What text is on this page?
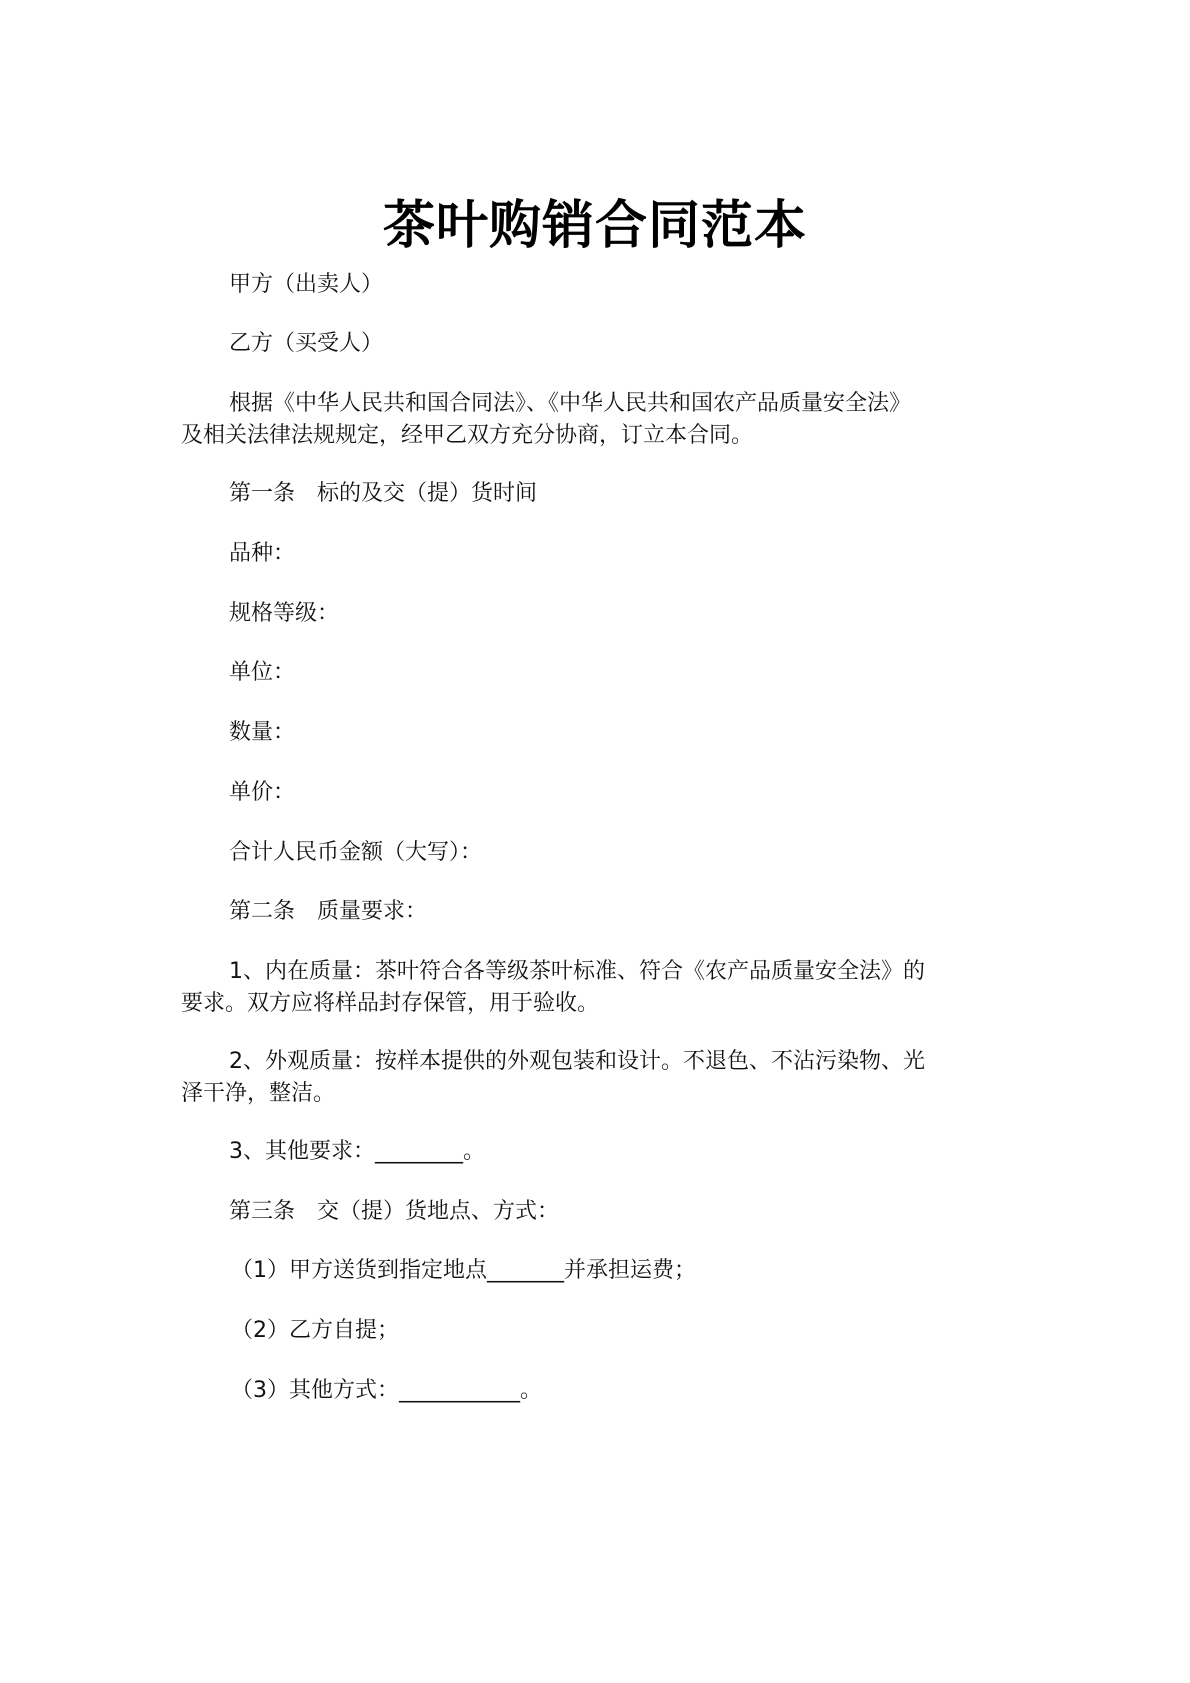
茶叶购销合同范本
甲方（出卖人）
乙方（买受人）
根据《中华人民共和国合同法》、《中华人民共和国农产品质量安全法》
及相关法律法规规定，经甲乙双方充分协商，订立本合同。
第一条　标的及交（提）货时间
品种：
规格等级：
单位：
数量：
单价：
合计人民币金额（大写）：
第二条　质量要求：
1、内在质量：茶叶符合各等级茶叶标准、符合《农产品质量安全法》的
要求。双方应将样品封存保管，用于验收。
2、外观质量：按样本提供的外观包装和设计。不退色、不沾污染物、光
泽干净，整洁。
3、其他要求：________。
第三条　交（提）货地点、方式：
（1）甲方送货到指定地点_______并承担运费；
（2）乙方自提；
（3）其他方式：___________。
